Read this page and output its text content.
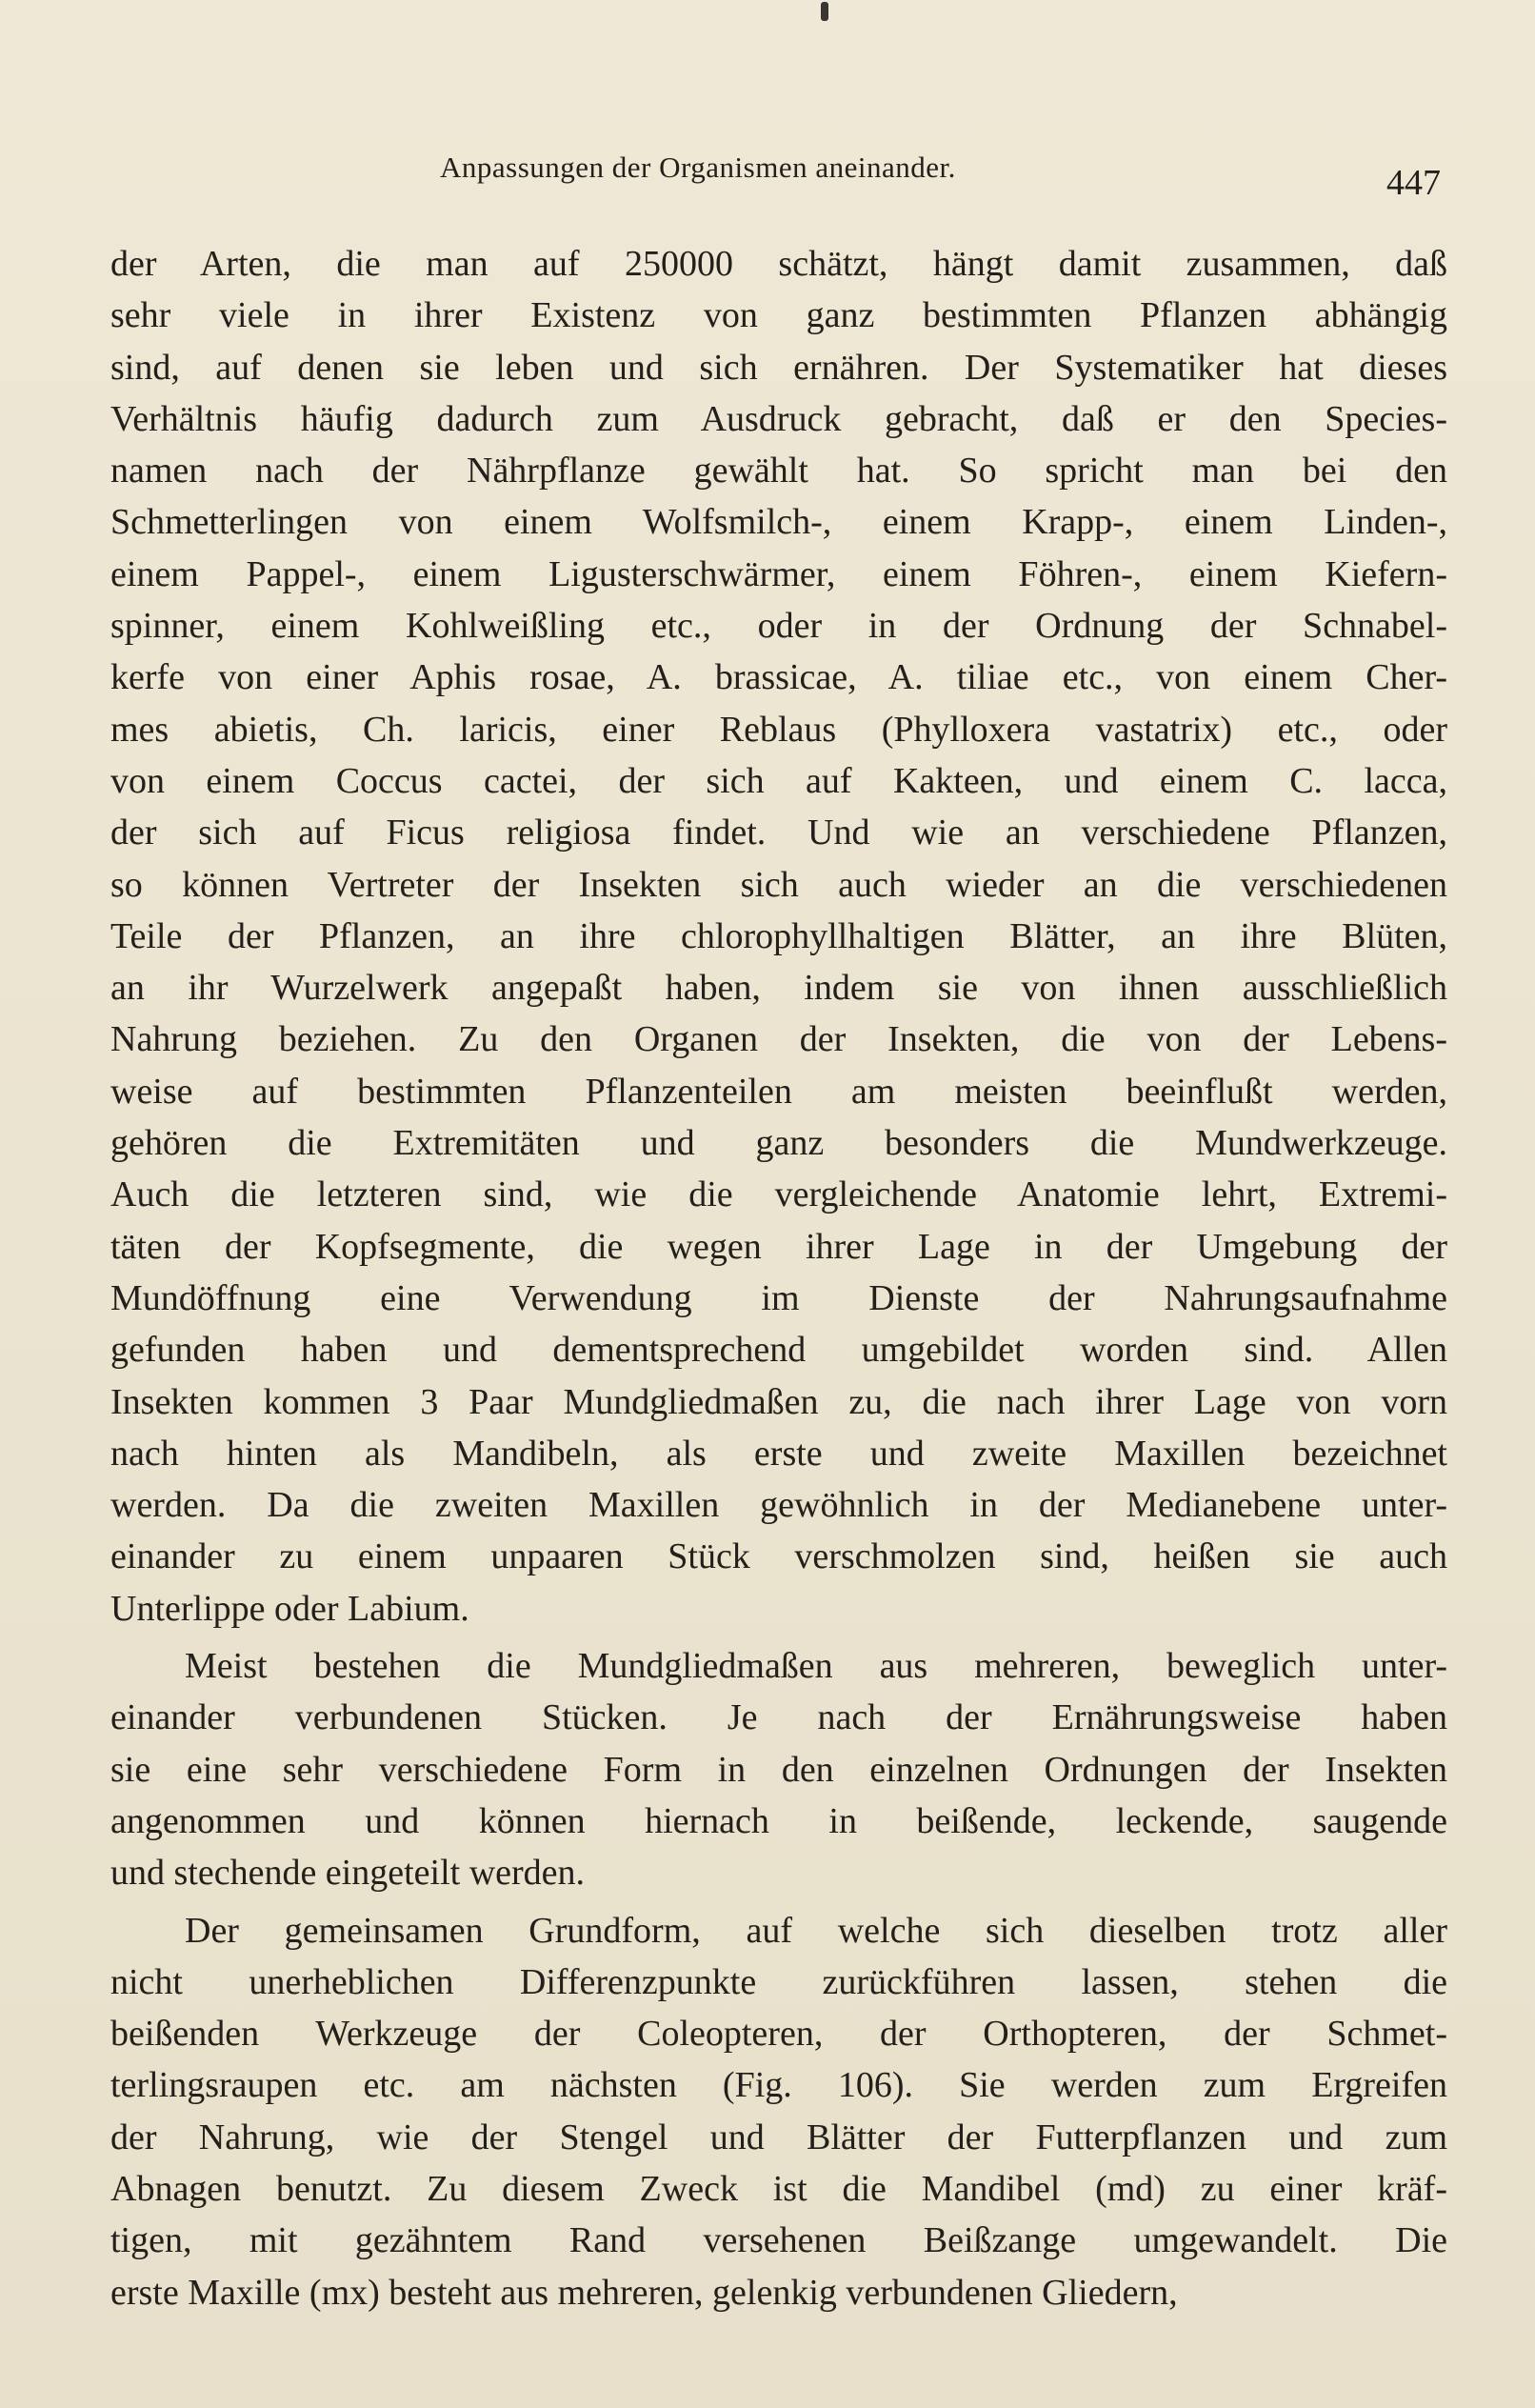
Anpassungen der Organismen aneinander.	447
der Arten, die man auf 250000 schätzt, hängt damit zusammen, daß
sehr viele in ihrer Existenz von ganz bestimmten Pflanzen abhängig
sind, auf denen sie leben und sich ernähren. Der Systematiker hat dieses
Verhältnis häufig dadurch zum Ausdruck gebracht, daß er den Species-
namen nach der Nährpflanze gewählt hat. So spricht man bei den
Schmetterlingen von einem Wolfsmilch-, einem Krapp-, einem Linden-,
einem Pappel-, einem Ligusterschwärmer, einem Föhren-, einem Kiefern-
spinner, einem Kohlweißling etc., oder in der Ordnung der Schnabel-
kerfe von einer Aphis rosae, A. brassicae, A. tiliae etc., von einem Cher-
mes abietis, Ch. laricis, einer Reblaus (Phylloxera vastatrix) etc., oder
von einem Coccus cactei, der sich auf Kakteen, und einem C. lacca,
der sich auf Ficus religiosa findet. Und wie an verschiedene Pflanzen,
so können Vertreter der Insekten sich auch wieder an die verschiedenen
Teile der Pflanzen, an ihre chlorophyllhaltigen Blätter, an ihre Blüten,
an ihr Wurzelwerk angepaßt haben, indem sie von ihnen ausschließlich
Nahrung beziehen. Zu den Organen der Insekten, die von der Lebens-
weise auf bestimmten Pflanzenteilen am meisten beeinflußt werden,
gehören die Extremitäten und ganz besonders die Mundwerkzeuge.
Auch die letzteren sind, wie die vergleichende Anatomie lehrt, Extremi-
täten der Kopfsegmente, die wegen ihrer Lage in der Umgebung der
Mundöffnung eine Verwendung im Dienste der Nahrungsaufnahme
gefunden haben und dementsprechend umgebildet worden sind. Allen
Insekten kommen 3 Paar Mundgliedmaßen zu, die nach ihrer Lage von vorn
nach hinten als Mandibeln, als erste und zweite Maxillen bezeichnet
werden. Da die zweiten Maxillen gewöhnlich in der Medianebene unter-
einander zu einem unpaaren Stück verschmolzen sind, heißen sie auch
Unterlippe oder Labium.
Meist bestehen die Mundgliedmaßen aus mehreren, beweglich unter-
einander verbundenen Stücken. Je nach der Ernährungsweise haben
sie eine sehr verschiedene Form in den einzelnen Ordnungen der Insekten
angenommen und können hiernach in beißende, leckende, saugende
und stechende eingeteilt werden.
Der gemeinsamen Grundform, auf welche sich dieselben trotz aller
nicht unerheblichen Differenzpunkte zurückführen lassen, stehen die
beißenden Werkzeuge der Coleopteren, der Orthopteren, der Schmet-
terlingsraupen etc. am nächsten (Fig. 106). Sie werden zum Ergreifen
der Nahrung, wie der Stengel und Blätter der Futterpflanzen und zum
Abnagen benutzt. Zu diesem Zweck ist die Mandibel (md) zu einer kräf-
tigen, mit gezähntem Rand versehenen Beißzange umgewandelt. Die
erste Maxille (mx) besteht aus mehreren, gelenkig verbundenen Gliedern,
